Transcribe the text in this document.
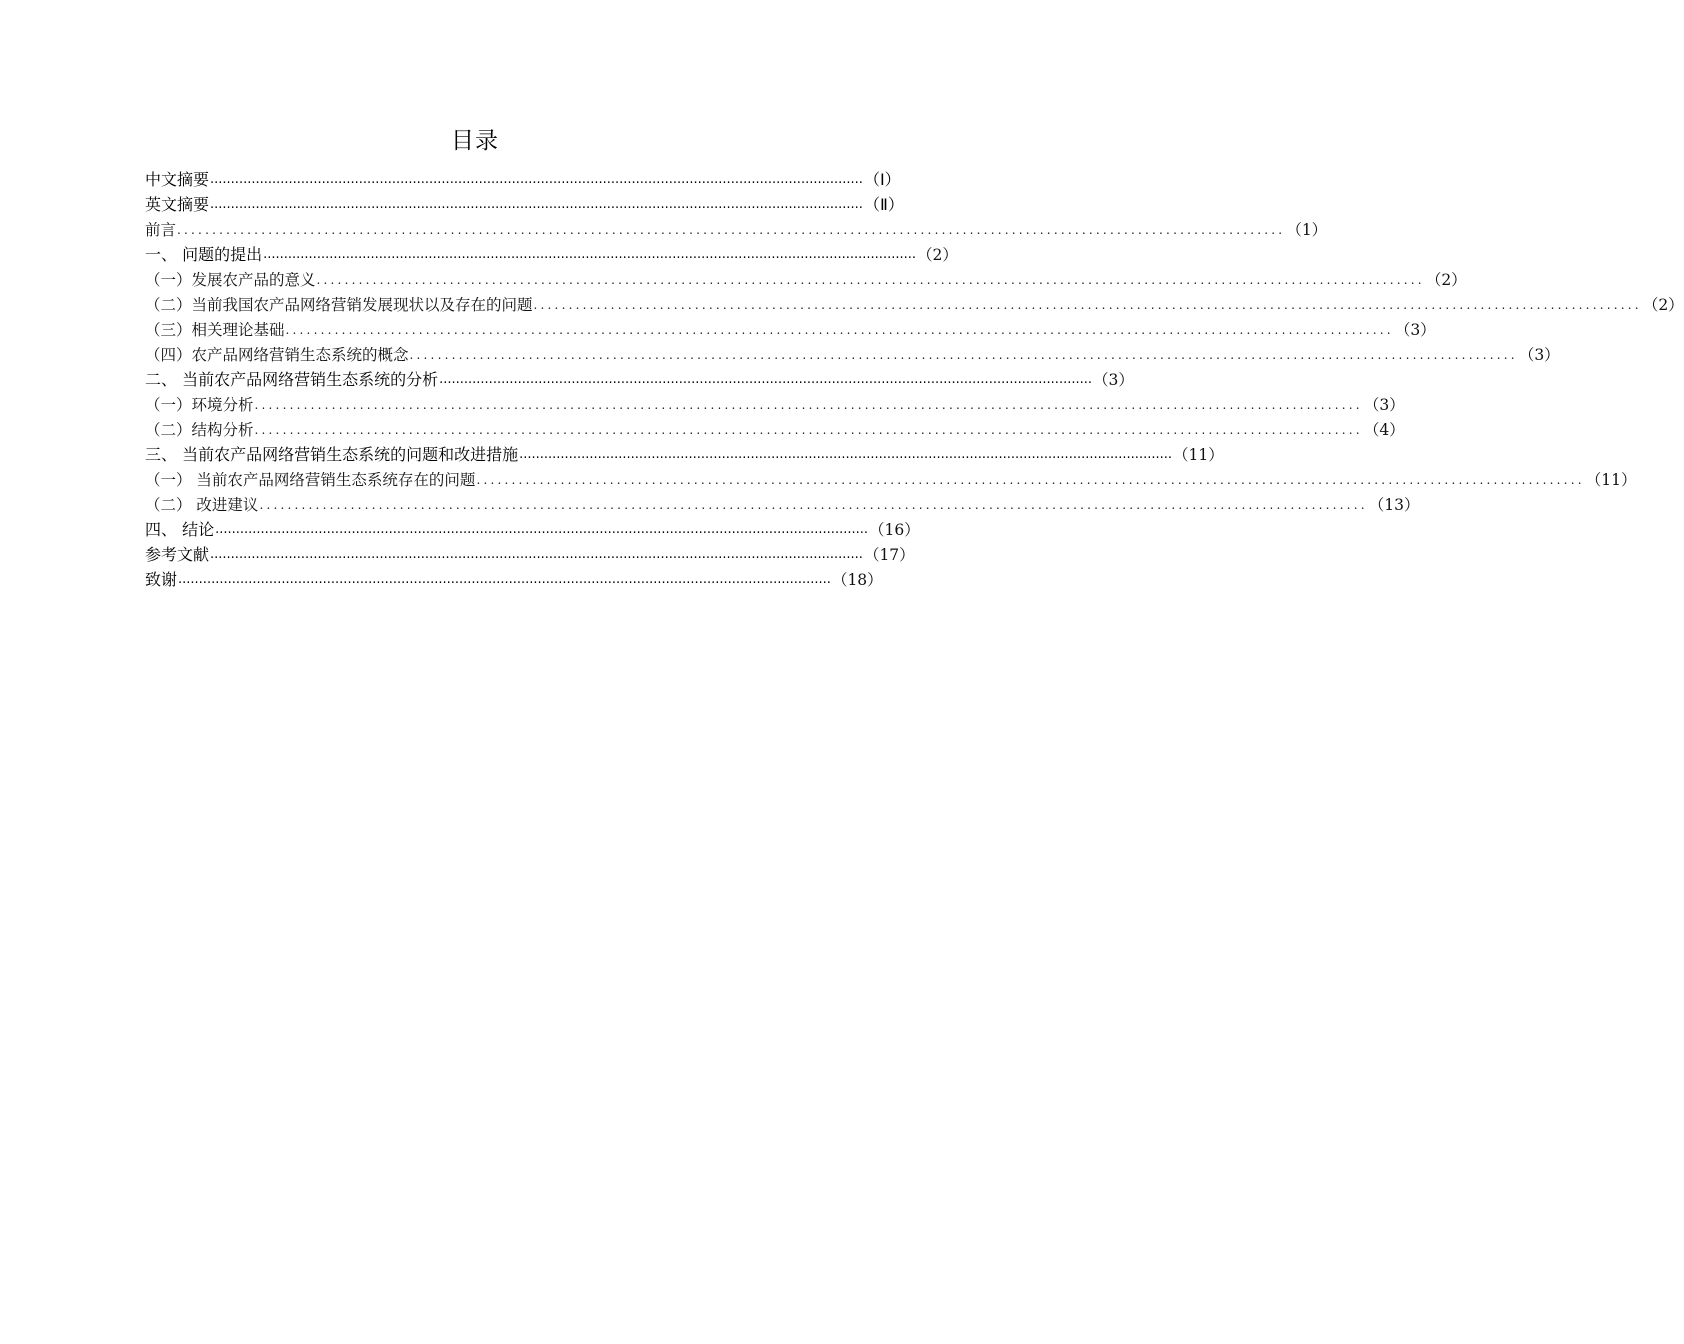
目录
中文摘要 .............................................................................................................................................................. （Ⅰ）
英文摘要 .............................................................................................................................................................. （Ⅱ）
前言 .............................................................................................................................................................. （1）
一、 问题的提出 .............................................................................................................................................................. （2）
（一）发展农产品的意义 .............................................................................................................................................................. （2）
（二）当前我国农产品网络营销发展现状以及存在的问题 .............................................................................................................................................................. （2）
（三）相关理论基础 .............................................................................................................................................................. （3）
（四）农产品网络营销生态系统的概念 .............................................................................................................................................................. （3）
二、 当前农产品网络营销生态系统的分析 .............................................................................................................................................................. （3）
（一）环境分析 .............................................................................................................................................................. （3）
（二）结构分析 .............................................................................................................................................................. （4）
三、 当前农产品网络营销生态系统的问题和改进措施 .............................................................................................................................................................. （11）
（一） 当前农产品网络营销生态系统存在的问题 .............................................................................................................................................................. （11）
（二） 改进建议 .............................................................................................................................................................. （13）
四、 结论 .............................................................................................................................................................. （16）
参考文献 .............................................................................................................................................................. （17）
致谢 .............................................................................................................................................................. （18）
